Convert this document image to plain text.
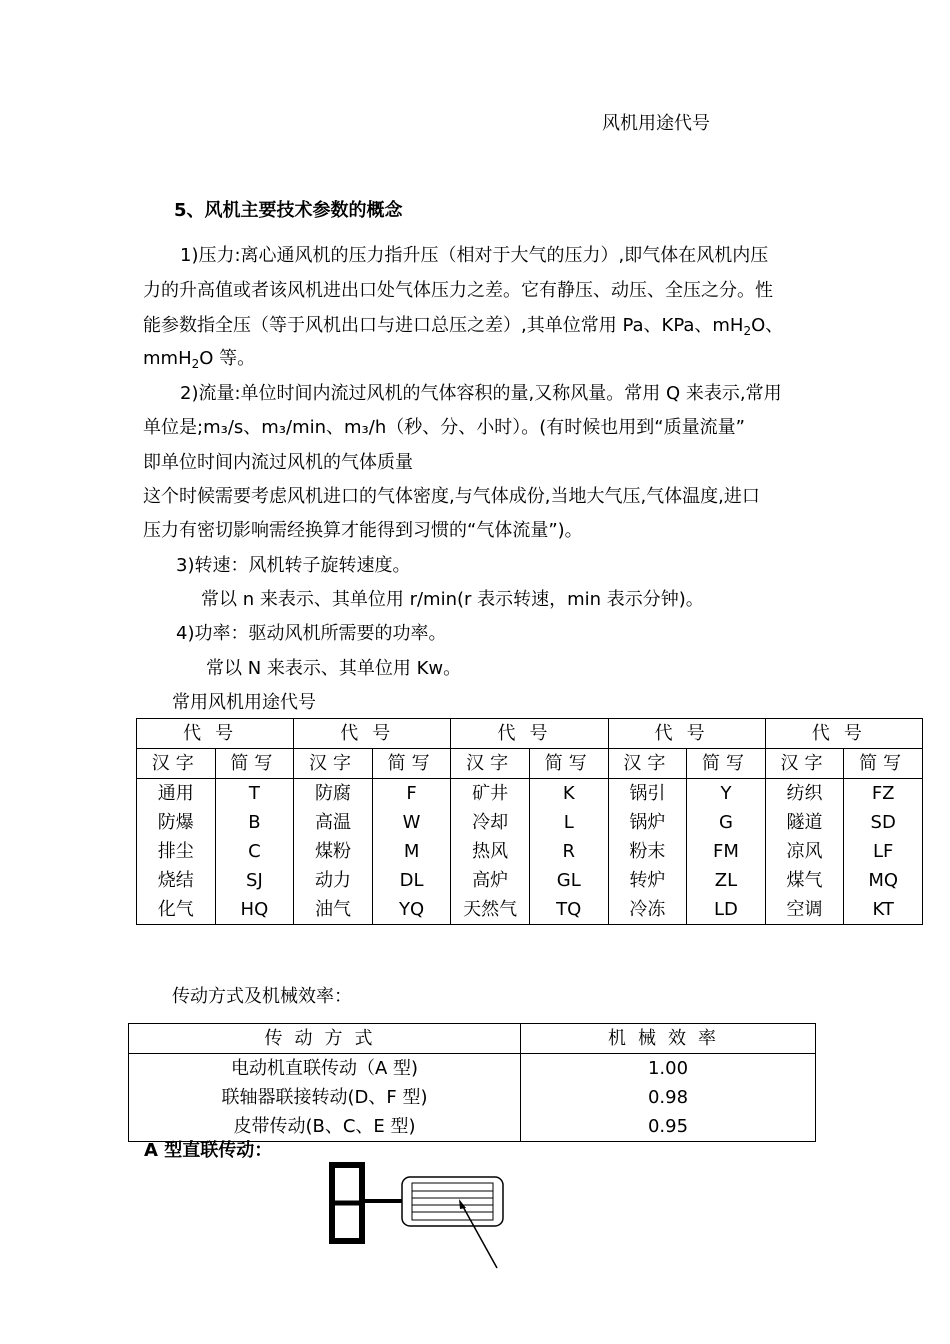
风机用途代号
5、风机主要技术参数的概念
1)压力:离心通风机的压力指升压（相对于大气的压力）,即气体在风机内压
力的升高值或者该风机进出口处气体压力之差。它有静压、动压、全压之分。性
能参数指全压（等于风机出口与进口总压之差）,其单位常用 Pa、KPa、$mH_2O$、
mmH$_2$O 等。
2)流量:单位时间内流过风机的气体容积的量,又称风量。常用 Q 来表示,常用
单位是;m₃/s、m₃/min、m₃/h（秒、分、小时）。(有时候也用到“质量流量”
即单位时间内流过风机的气体质量
这个时候需要考虑风机进口的气体密度,与气体成份,当地大气压,气体温度,进口
压力有密切影响需经换算才能得到习惯的“气体流量”)。
3)转速：风机转子旋转速度。
常以 n 来表示、其单位用 r/min(r 表示转速，min 表示分钟)。
4)功率：驱动风机所需要的功率。
常以 N 来表示、其单位用 Kw。
常用风机用途代号
代号		代号		代号		代号		代号	
汉字	简写	汉字	简写	汉字	简写	汉字	简写	汉字	简写
通用	T	防腐	F	矿井	K	锅引	Y	纺织	FZ
防爆	B	高温	W	冷却	L	锅炉	G	隧道	SD
排尘	C	煤粉	M	热风	R	粉末	FM	凉风	LF
烧结	SJ	动力	DL	高炉	GL	转炉	ZL	煤气	MQ
化气	HQ	油气	YQ	天然气	TQ	冷冻	LD	空调	KT
传动方式及机械效率：
传动方式	机械效率
电动机直联传动（A 型)	1.00
联轴器联接转动(D、F 型)	0.98
皮带传动(B、C、E 型)	0.95
A 型直联传动：
